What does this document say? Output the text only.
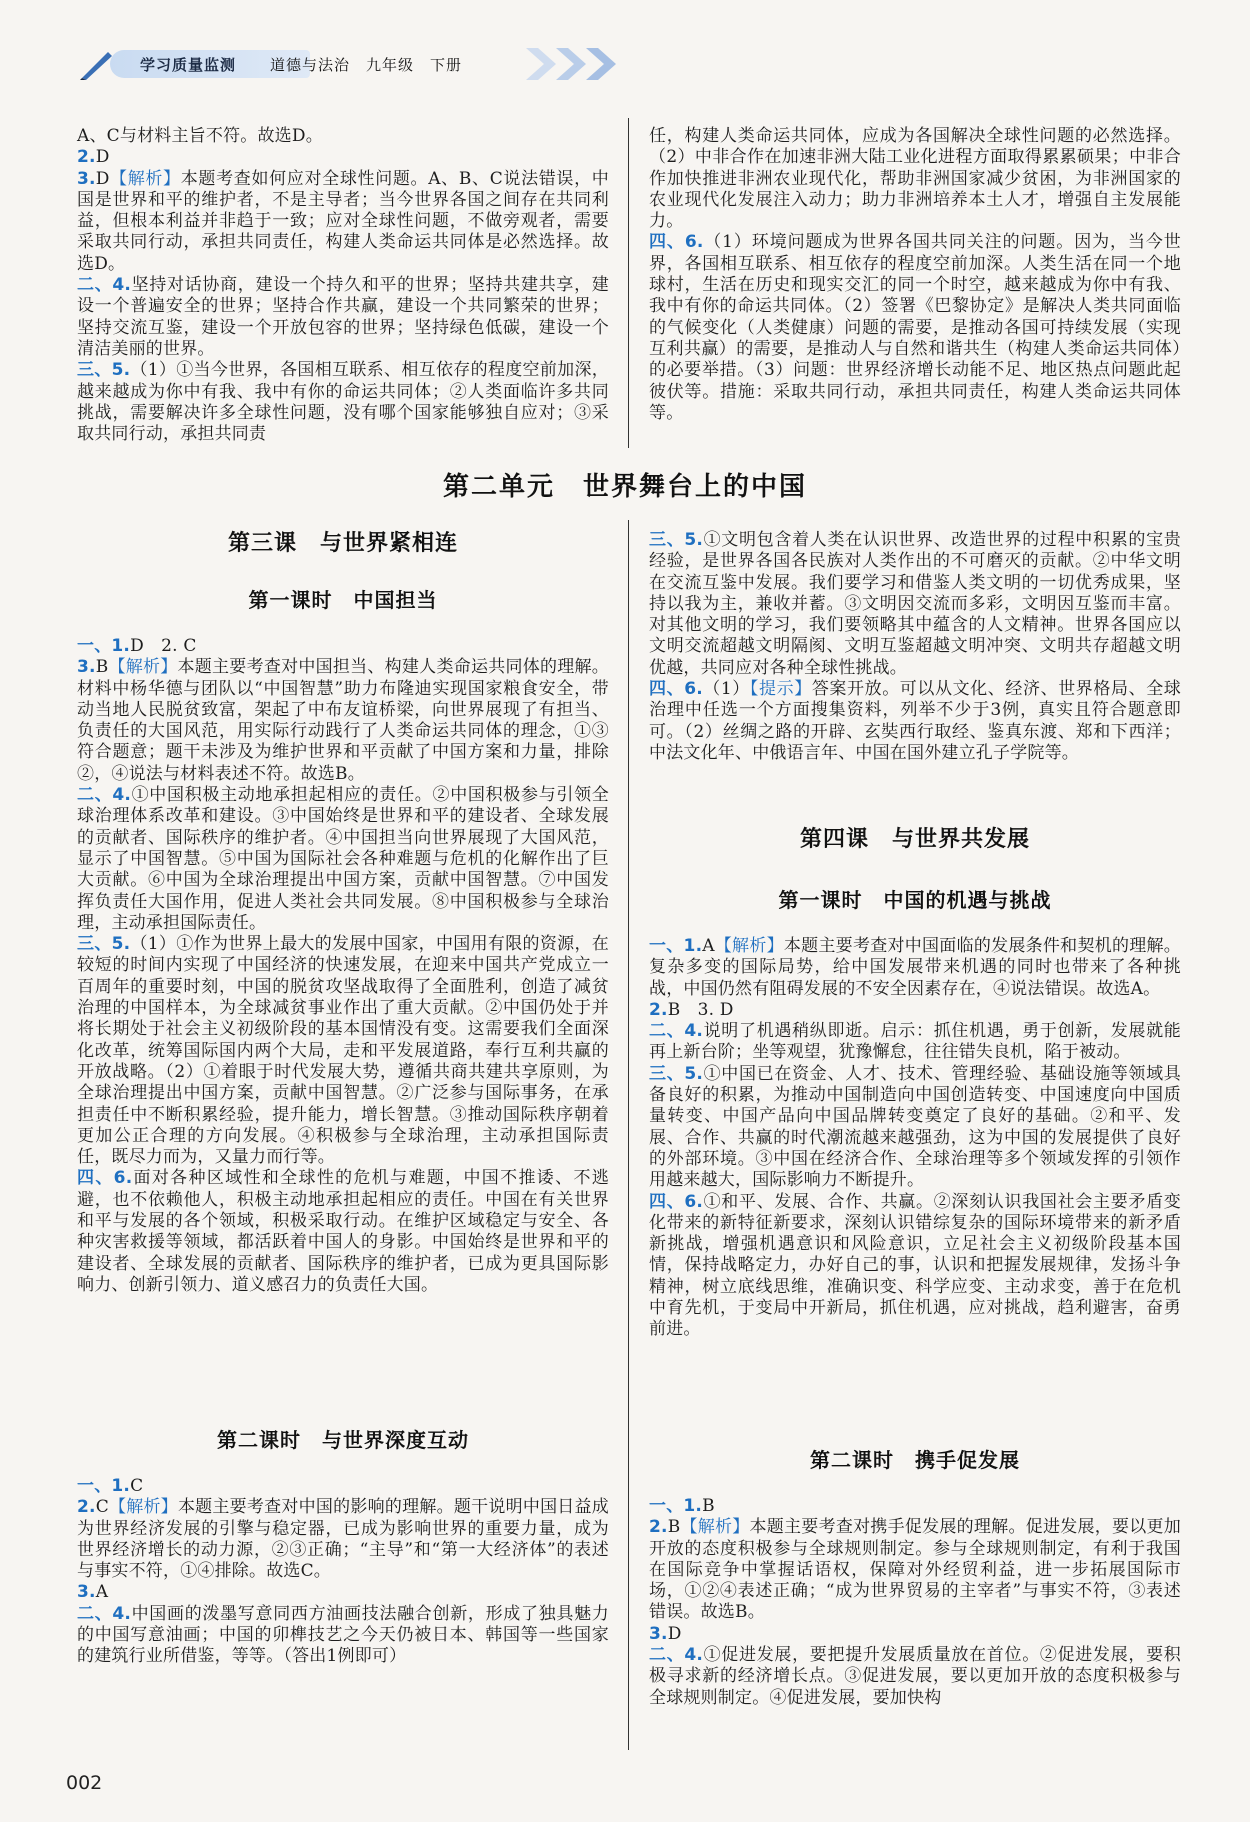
学习质量监测 道德与法治　九年级　下册
A、C与材料主旨不符。故选D。
2.D
3.D【解析】本题考查如何应对全球性问题。A、B、C说法错误，中国是世界和平的维护者，不是主导者；当今世界各国之间存在共同利益，但根本利益并非趋于一致；应对全球性问题，不做旁观者，需要采取共同行动，承担共同责任，构建人类命运共同体是必然选择。故选D。
二、4.坚持对话协商，建设一个持久和平的世界；坚持共建共享，建设一个普遍安全的世界；坚持合作共赢，建设一个共同繁荣的世界；坚持交流互鉴，建设一个开放包容的世界；坚持绿色低碳，建设一个清洁美丽的世界。
三、5.（1）①当今世界，各国相互联系、相互依存的程度空前加深，越来越成为你中有我、我中有你的命运共同体；②人类面临许多共同挑战，需要解决许多全球性问题，没有哪个国家能够独自应对；③采取共同行动，承担共同责
任，构建人类命运共同体，应成为各国解决全球性问题的必然选择。（2）中非合作在加速非洲大陆工业化进程方面取得累累硕果；中非合作加快推进非洲农业现代化，帮助非洲国家减少贫困，为非洲国家的农业现代化发展注入动力；助力非洲培养本土人才，增强自主发展能力。
四、6.（1）环境问题成为世界各国共同关注的问题。因为，当今世界，各国相互联系、相互依存的程度空前加深。人类生活在同一个地球村，生活在历史和现实交汇的同一个时空，越来越成为你中有我、我中有你的命运共同体。（2）签署《巴黎协定》是解决人类共同面临的气候变化（人类健康）问题的需要，是推动各国可持续发展（实现互利共赢）的需要，是推动人与自然和谐共生（构建人类命运共同体）的必要举措。（3）问题：世界经济增长动能不足、地区热点问题此起彼伏等。措施：采取共同行动，承担共同责任，构建人类命运共同体等。
第二单元　世界舞台上的中国
第三课　与世界紧相连
第一课时　中国担当
一、1.D　2. C
3.B【解析】本题主要考查对中国担当、构建人类命运共同体的理解。材料中杨华德与团队以“中国智慧”助力布隆迪实现国家粮食安全，带动当地人民脱贫致富，架起了中布友谊桥梁，向世界展现了有担当、负责任的大国风范，用实际行动践行了人类命运共同体的理念，①③符合题意；题干未涉及为维护世界和平贡献了中国方案和力量，排除②，④说法与材料表述不符。故选B。
二、4.①中国积极主动地承担起相应的责任。②中国积极参与引领全球治理体系改革和建设。③中国始终是世界和平的建设者、全球发展的贡献者、国际秩序的维护者。④中国担当向世界展现了大国风范，显示了中国智慧。⑤中国为国际社会各种难题与危机的化解作出了巨大贡献。⑥中国为全球治理提出中国方案，贡献中国智慧。⑦中国发挥负责任大国作用，促进人类社会共同发展。⑧中国积极参与全球治理，主动承担国际责任。
三、5.（1）①作为世界上最大的发展中国家，中国用有限的资源，在较短的时间内实现了中国经济的快速发展，在迎来中国共产党成立一百周年的重要时刻，中国的脱贫攻坚战取得了全面胜利，创造了减贫治理的中国样本，为全球减贫事业作出了重大贡献。②中国仍处于并将长期处于社会主义初级阶段的基本国情没有变。这需要我们全面深化改革，统筹国际国内两个大局，走和平发展道路，奉行互利共赢的开放战略。（2）①着眼于时代发展大势，遵循共商共建共享原则，为全球治理提出中国方案，贡献中国智慧。②广泛参与国际事务，在承担责任中不断积累经验，提升能力，增长智慧。③推动国际秩序朝着更加公正合理的方向发展。④积极参与全球治理，主动承担国际责任，既尽力而为，又量力而行等。
四、6.面对各种区域性和全球性的危机与难题，中国不推诿、不逃避，也不依赖他人，积极主动地承担起相应的责任。中国在有关世界和平与发展的各个领域，积极采取行动。在维护区域稳定与安全、各种灾害救援等领域，都活跃着中国人的身影。中国始终是世界和平的建设者、全球发展的贡献者、国际秩序的维护者，已成为更具国际影响力、创新引领力、道义感召力的负责任大国。
第二课时　与世界深度互动
一、1.C
2.C【解析】本题主要考查对中国的影响的理解。题干说明中国日益成为世界经济发展的引擎与稳定器，已成为影响世界的重要力量，成为世界经济增长的动力源，②③正确；“主导”和“第一大经济体”的表述与事实不符，①④排除。故选C。
3.A
二、4.中国画的泼墨写意同西方油画技法融合创新，形成了独具魅力的中国写意油画；中国的卯榫技艺之今天仍被日本、韩国等一些国家的建筑行业所借鉴，等等。（答出1例即可）
三、5.①文明包含着人类在认识世界、改造世界的过程中积累的宝贵经验，是世界各国各民族对人类作出的不可磨灭的贡献。②中华文明在交流互鉴中发展。我们要学习和借鉴人类文明的一切优秀成果，坚持以我为主，兼收并蓄。③文明因交流而多彩，文明因互鉴而丰富。对其他文明的学习，我们要领略其中蕴含的人文精神。世界各国应以文明交流超越文明隔阂、文明互鉴超越文明冲突、文明共存超越文明优越，共同应对各种全球性挑战。
四、6.（1）【提示】答案开放。可以从文化、经济、世界格局、全球治理中任选一个方面搜集资料，列举不少于3例，真实且符合题意即可。（2）丝绸之路的开辟、玄奘西行取经、鉴真东渡、郑和下西洋；中法文化年、中俄语言年、中国在国外建立孔子学院等。
第四课　与世界共发展
第一课时　中国的机遇与挑战
一、1.A【解析】本题主要考查对中国面临的发展条件和契机的理解。复杂多变的国际局势，给中国发展带来机遇的同时也带来了各种挑战，中国仍然有阻碍发展的不安全因素存在，④说法错误。故选A。
2.B　3. D
二、4.说明了机遇稍纵即逝。启示：抓住机遇，勇于创新，发展就能再上新台阶；坐等观望，犹豫懈怠，往往错失良机，陷于被动。
三、5.①中国已在资金、人才、技术、管理经验、基础设施等领域具备良好的积累，为推动中国制造向中国创造转变、中国速度向中国质量转变、中国产品向中国品牌转变奠定了良好的基础。②和平、发展、合作、共赢的时代潮流越来越强劲，这为中国的发展提供了良好的外部环境。③中国在经济合作、全球治理等多个领域发挥的引领作用越来越大，国际影响力不断提升。
四、6.①和平、发展、合作、共赢。②深刻认识我国社会主要矛盾变化带来的新特征新要求，深刻认识错综复杂的国际环境带来的新矛盾新挑战，增强机遇意识和风险意识，立足社会主义初级阶段基本国情，保持战略定力，办好自己的事，认识和把握发展规律，发扬斗争精神，树立底线思维，准确识变、科学应变、主动求变，善于在危机中育先机，于变局中开新局，抓住机遇，应对挑战，趋利避害，奋勇前进。
第二课时　携手促发展
一、1.B
2.B【解析】本题主要考查对携手促发展的理解。促进发展，要以更加开放的态度积极参与全球规则制定。参与全球规则制定，有利于我国在国际竞争中掌握话语权，保障对外经贸利益，进一步拓展国际市场，①②④表述正确；“成为世界贸易的主宰者”与事实不符，③表述错误。故选B。
3.D
二、4.①促进发展，要把提升发展质量放在首位。②促进发展，要积极寻求新的经济增长点。③促进发展，要以更加开放的态度积极参与全球规则制定。④促进发展，要加快构
002
